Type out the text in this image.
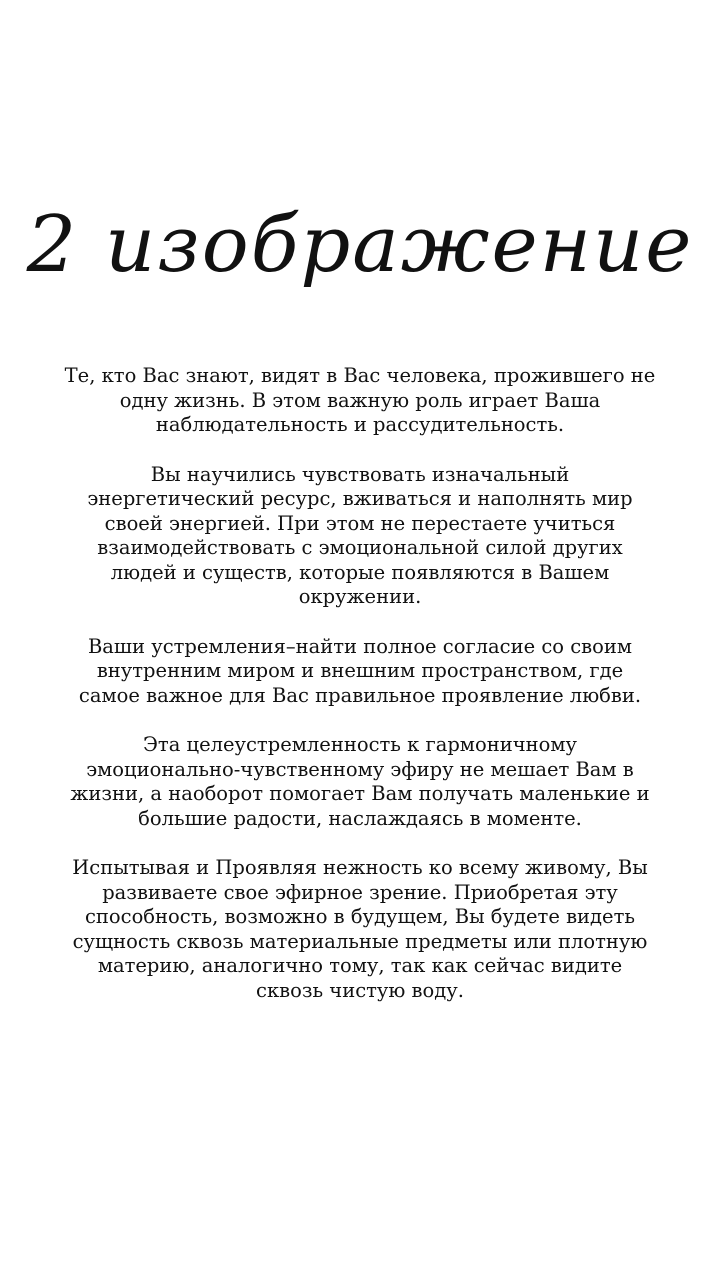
2 изображение

Те, кто Вас знают, видят в Вас человека, прожившего не
одну жизнь. В этом важную роль играет Ваша
наблюдательность и рассудительность.

Вы научились чувствовать изначальный
энергетический ресурс, вживаться и наполнять мир
своей энергией. При этом не перестаете учиться
взаимодействовать с эмоциональной силой других
людей и существ, которые появляются в Вашем
окружении.

Ваши устремления–найти полное согласие со своим
внутренним миром и внешним пространством, где
самое важное для Вас правильное проявление любви.

Эта целеустремленность к гармоничному
эмоционально-чувственному эфиру не мешает Вам в
жизни, а наоборот помогает Вам получать маленькие и
большие радости, наслаждаясь в моменте.

Испытывая и Проявляя нежность ко всему живому, Вы
развиваете свое эфирное зрение. Приобретая эту
способность, возможно в будущем, Вы будете видеть
сущность сквозь материальные предметы или плотную
материю, аналогично тому, так как сейчас видите
сквозь чистую воду.
